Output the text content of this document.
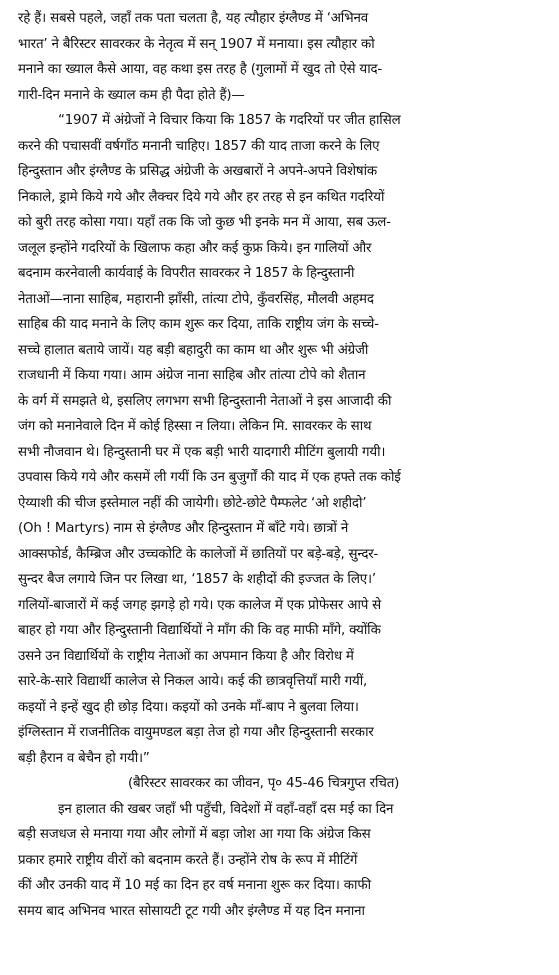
रहे हैं। सबसे पहले, जहाँ तक पता चलता है, यह त्यौहार इंग्लैण्ड में ‘अभिनव
भारत’ ने बैरिस्टर सावरकर के नेतृत्व में सन् 1907 में मनाया। इस त्यौहार को
मनाने का ख्याल कैसे आया, वह कथा इस तरह है (गुलामों में खुद तो ऐसे याद-
गारी-दिन मनाने के ख्याल कम ही पैदा होते हैं)—
“1907 में अंग्रेजों ने विचार किया कि 1857 के गदरियों पर जीत हासिल
करने की पचासवीं वर्षगाँठ मनानी चाहिए। 1857 की याद ताजा करने के लिए
हिन्दुस्तान और इंग्लैण्ड के प्रसिद्ध अंग्रेजी के अखबारों ने अपने-अपने विशेषांक
निकाले, ड्रामे किये गये और लैक्चर दिये गये और हर तरह से इन कथित गदरियों
को बुरी तरह कोसा गया। यहाँ तक कि जो कुछ भी इनके मन में आया, सब ऊल-
जलूल इन्होंने गदरियों के खिलाफ कहा और कई कुफ्र किये। इन गालियों और
बदनाम करनेवाली कार्यवाई के विपरीत सावरकर ने 1857 के हिन्दुस्तानी
नेताओं—नाना साहिब, महारानी झाँसी, तांत्या टोपे, कुँवरसिंह, मौलवी अहमद
साहिब की याद मनाने के लिए काम शुरू कर दिया, ताकि राष्ट्रीय जंग के सच्चे-
सच्चे हालात बताये जायें। यह बड़ी बहादुरी का काम था और शुरू भी अंग्रेजी
राजधानी में किया गया। आम अंग्रेज नाना साहिब और तांत्या टोपे को शैतान
के वर्ग में समझते थे, इसलिए लगभग सभी हिन्दुस्तानी नेताओं ने इस आजादी की
जंग को मनानेवाले दिन में कोई हिस्सा न लिया। लेकिन मि. सावरकर के साथ
सभी नौजवान थे। हिन्दुस्तानी घर में एक बड़ी भारी यादगारी मीटिंग बुलायी गयी।
उपवास किये गये और कसमें ली गयीं कि उन बुजुर्गों की याद में एक हफ्ते तक कोई
ऐय्याशी की चीज इस्तेमाल नहीं की जायेगी। छोटे-छोटे पैम्फलेट ‘ओ शहीदो’
(Oh ! Martyrs) नाम से इंग्लैण्ड और हिन्दुस्तान में बाँटे गये। छात्रों ने
आक्सफोर्ड, कैम्ब्रिज और उच्चकोटि के कालेजों में छातियों पर बड़े-बड़े, सुन्दर-
सुन्दर बैज लगाये जिन पर लिखा था, ‘1857 के शहीदों की इज्जत के लिए।’
गलियों-बाजारों में कई जगह झगड़े हो गये। एक कालेज में एक प्रोफेसर आपे से
बाहर हो गया और हिन्दुस्तानी विद्यार्थियों ने माँग की कि वह माफी माँगे, क्योंकि
उसने उन विद्यार्थियों के राष्ट्रीय नेताओं का अपमान किया है और विरोध में
सारे-के-सारे विद्यार्थी कालेज से निकल आये। कई की छात्रवृत्तियाँ मारी गयीं,
कइयों ने इन्हें खुद ही छोड़ दिया। कइयों को उनके माँ-बाप ने बुलवा लिया।
इंग्लिस्तान में राजनीतिक वायुमण्डल बड़ा तेज हो गया और हिन्दुस्तानी सरकार
बड़ी हैरान व बेचैन हो गयी।”
(बैरिस्टर सावरकर का जीवन, पृ० 45-46 चित्रगुप्त रचित)
इन हालात की खबर जहाँ भी पहुँची, विदेशों में वहाँ-वहाँ दस मई का दिन
बड़ी सजधज से मनाया गया और लोगों में बड़ा जोश आ गया कि अंग्रेज किस
प्रकार हमारे राष्ट्रीय वीरों को बदनाम करते हैं। उन्होंने रोष के रूप में मीटिंगें
कीं और उनकी याद में 10 मई का दिन हर वर्ष मनाना शुरू कर दिया। काफी
समय बाद अभिनव भारत सोसायटी टूट गयी और इंग्लैण्ड में यह दिन मनाना
